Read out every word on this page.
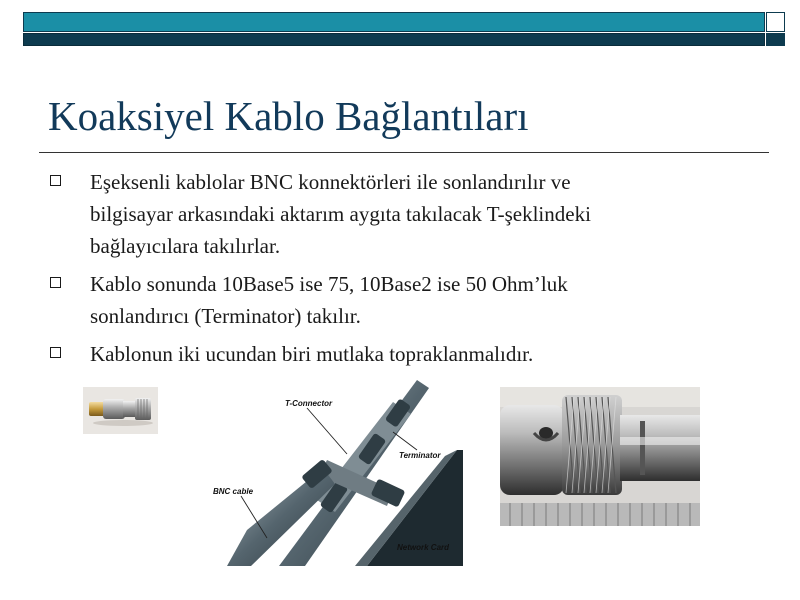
Koaksiyel Kablo Bağlantıları
Eşeksenli kablolar BNC konnektörleri ile sonlandırılır ve
bilgisayar arkasındaki aktarım aygıta takılacak T-şeklindeki
bağlayıcılara takılırlar.
Kablo sonunda 10Base5 ise 75, 10Base2 ise 50 Ohm’luk
sonlandırıcı (Terminator) takılır.
Kablonun iki ucundan biri mutlaka topraklanmalıdır.
T-Connector
Terminator
BNC cable
Network Card
